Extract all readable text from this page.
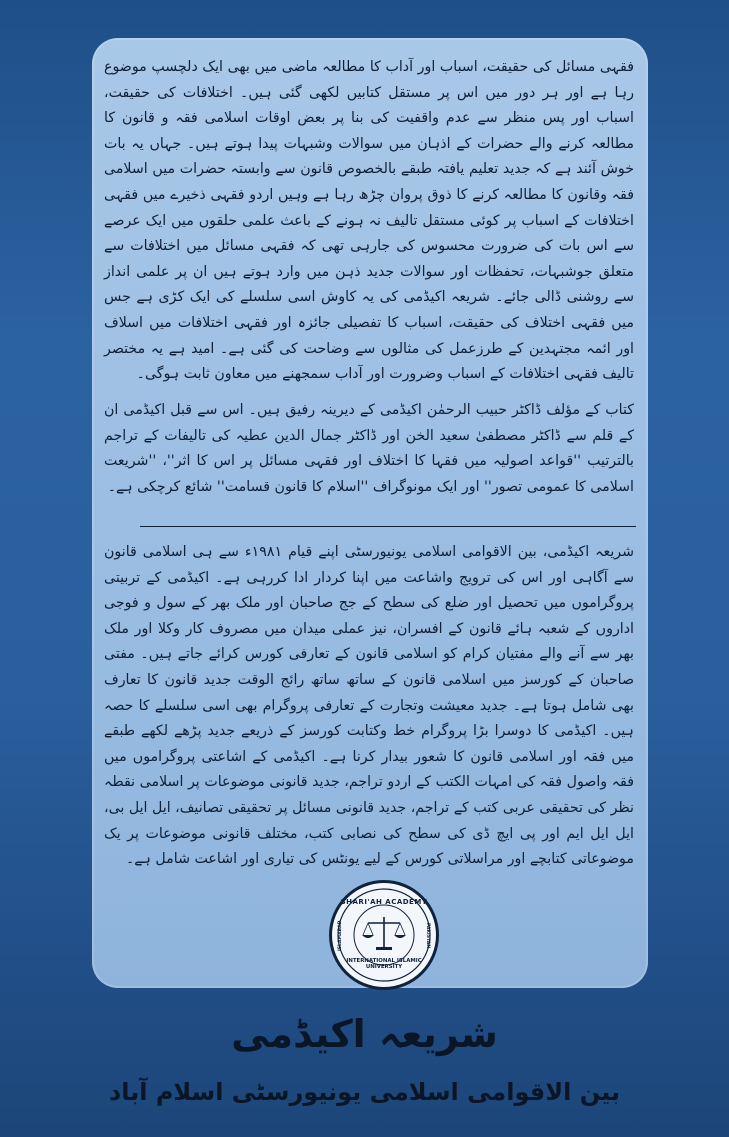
فقہی مسائل کی حقیقت، اسباب اور آداب کا مطالعہ ماضی میں بھی ایک دلچسپ موضوع رہا ہے اور ہر دور میں اس پر مستقل کتابیں لکھی گئی ہیں۔ اختلافات کی حقیقت، اسباب اور پس منظر سے عدم واقفیت کی بنا پر بعض اوقات اسلامی فقہ و قانون کا مطالعہ کرنے والے حضرات کے اذہان میں سوالات وشبہات پیدا ہوتے ہیں۔ جہاں یہ بات خوش آئند ہے کہ جدید تعلیم یافتہ طبقے بالخصوص قانون سے وابستہ حضرات میں اسلامی فقہ وقانون کا مطالعہ کرنے کا ذوق پروان چڑھ رہا ہے وہیں اردو فقہی ذخیرے میں فقہی اختلافات کے اسباب پر کوئی مستقل تالیف نہ ہونے کے باعث علمی حلقوں میں ایک عرصے سے اس بات کی ضرورت محسوس کی جارہی تھی کہ فقہی مسائل میں اختلافات سے متعلق جوشبہات، تحفظات اور سوالات جدید ذہن میں وارد ہوتے ہیں ان پر علمی انداز سے روشنی ڈالی جائے۔ شریعہ اکیڈمی کی یہ کاوش اسی سلسلے کی ایک کڑی ہے جس میں فقہی اختلاف کی حقیقت، اسباب کا تفصیلی جائزہ اور فقہی اختلافات میں اسلاف اور ائمہ مجتہدین کے طرزعمل کی مثالوں سے وضاحت کی گئی ہے۔ امید ہے یہ مختصر تالیف فقہی اختلافات کے اسباب وضرورت اور آداب سمجھنے میں معاون ثابت ہوگی۔

کتاب کے مؤلف ڈاکٹر حبیب الرحمٰن اکیڈمی کے دیرینہ رفیق ہیں۔ اس سے قبل اکیڈمی ان کے قلم سے ڈاکٹر مصطفیٰ سعید الخن اور ڈاکٹر جمال الدین عطیہ کی تالیفات کے تراجم بالترتیب ''قواعد اصولیہ میں فقہا کا اختلاف اور فقہی مسائل پر اس کا اثر''، ''شریعت اسلامی کا عمومی تصور'' اور ایک مونوگراف ''اسلام کا قانون قسامت'' شائع کرچکی ہے۔

شریعہ اکیڈمی، بین الاقوامی اسلامی یونیورسٹی اپنے قیام ۱۹۸۱ء سے ہی اسلامی قانون سے آگاہی اور اس کی ترویج واشاعت میں اپنا کردار ادا کررہی ہے۔ اکیڈمی کے تربیتی پروگراموں میں تحصیل اور ضلع کی سطح کے جج صاحبان اور ملک بھر کے سول و فوجی اداروں کے شعبہ ہائے قانون کے افسران، نیز عملی میدان میں مصروف کار وکلا اور ملک بھر سے آنے والے مفتیان کرام کو اسلامی قانون کے تعارفی کورس کرائے جاتے ہیں۔ مفتی صاحبان کے کورسز میں اسلامی قانون کے ساتھ ساتھ رائج الوقت جدید قانون کا تعارف بھی شامل ہوتا ہے۔ جدید معیشت وتجارت کے تعارفی پروگرام بھی اسی سلسلے کا حصہ ہیں۔ اکیڈمی کا دوسرا بڑا پروگرام خط وکتابت کورسز کے ذریعے جدید پڑھے لکھے طبقے میں فقہ اور اسلامی قانون کا شعور بیدار کرنا ہے۔ اکیڈمی کے اشاعتی پروگراموں میں فقہ واصول فقہ کی امہات الکتب کے اردو تراجم، جدید قانونی موضوعات پر اسلامی نقطہ نظر کی تحقیقی عربی کتب کے تراجم، جدید قانونی مسائل پر تحقیقی تصانیف، ایل ایل بی، ایل ایل ایم اور پی ایچ ڈی کی سطح کی نصابی کتب، مختلف قانونی موضوعات پر یک موضوعاتی کتابچے اور مراسلاتی کورس کے لیے یونٹس کی تیاری اور اشاعت شامل ہے۔

SHARI'AH ACADEMY
INTERNATIONAL ISLAMIC UNIVERSITY
ISLAMABAD	PAKISTAN
شریعہ اکیڈمی
بین الاقوامی اسلامی یونیورسٹی اسلام آباد
